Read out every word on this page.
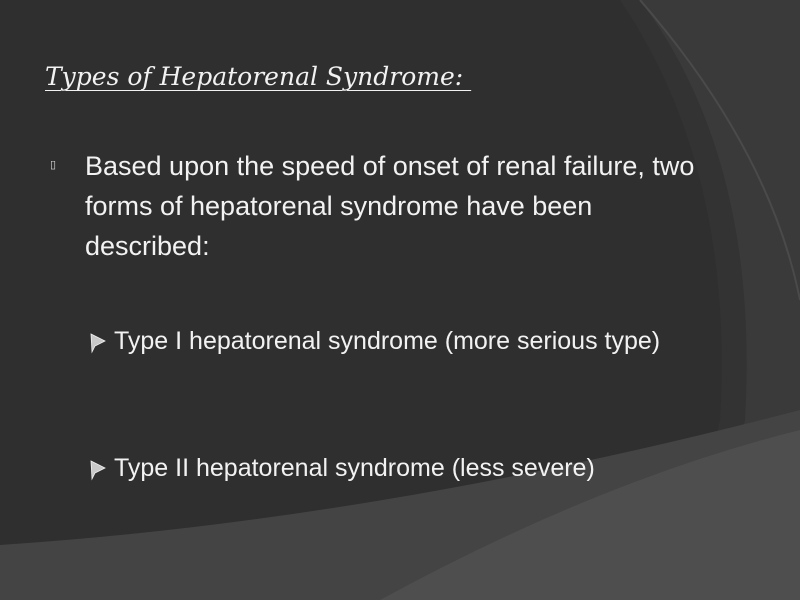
Types of Hepatorenal Syndrome:
▯ Based upon the speed of onset of renal failure, two forms of hepatorenal syndrome have been described:
Type I hepatorenal syndrome (more serious type)
Type II hepatorenal syndrome (less severe)
